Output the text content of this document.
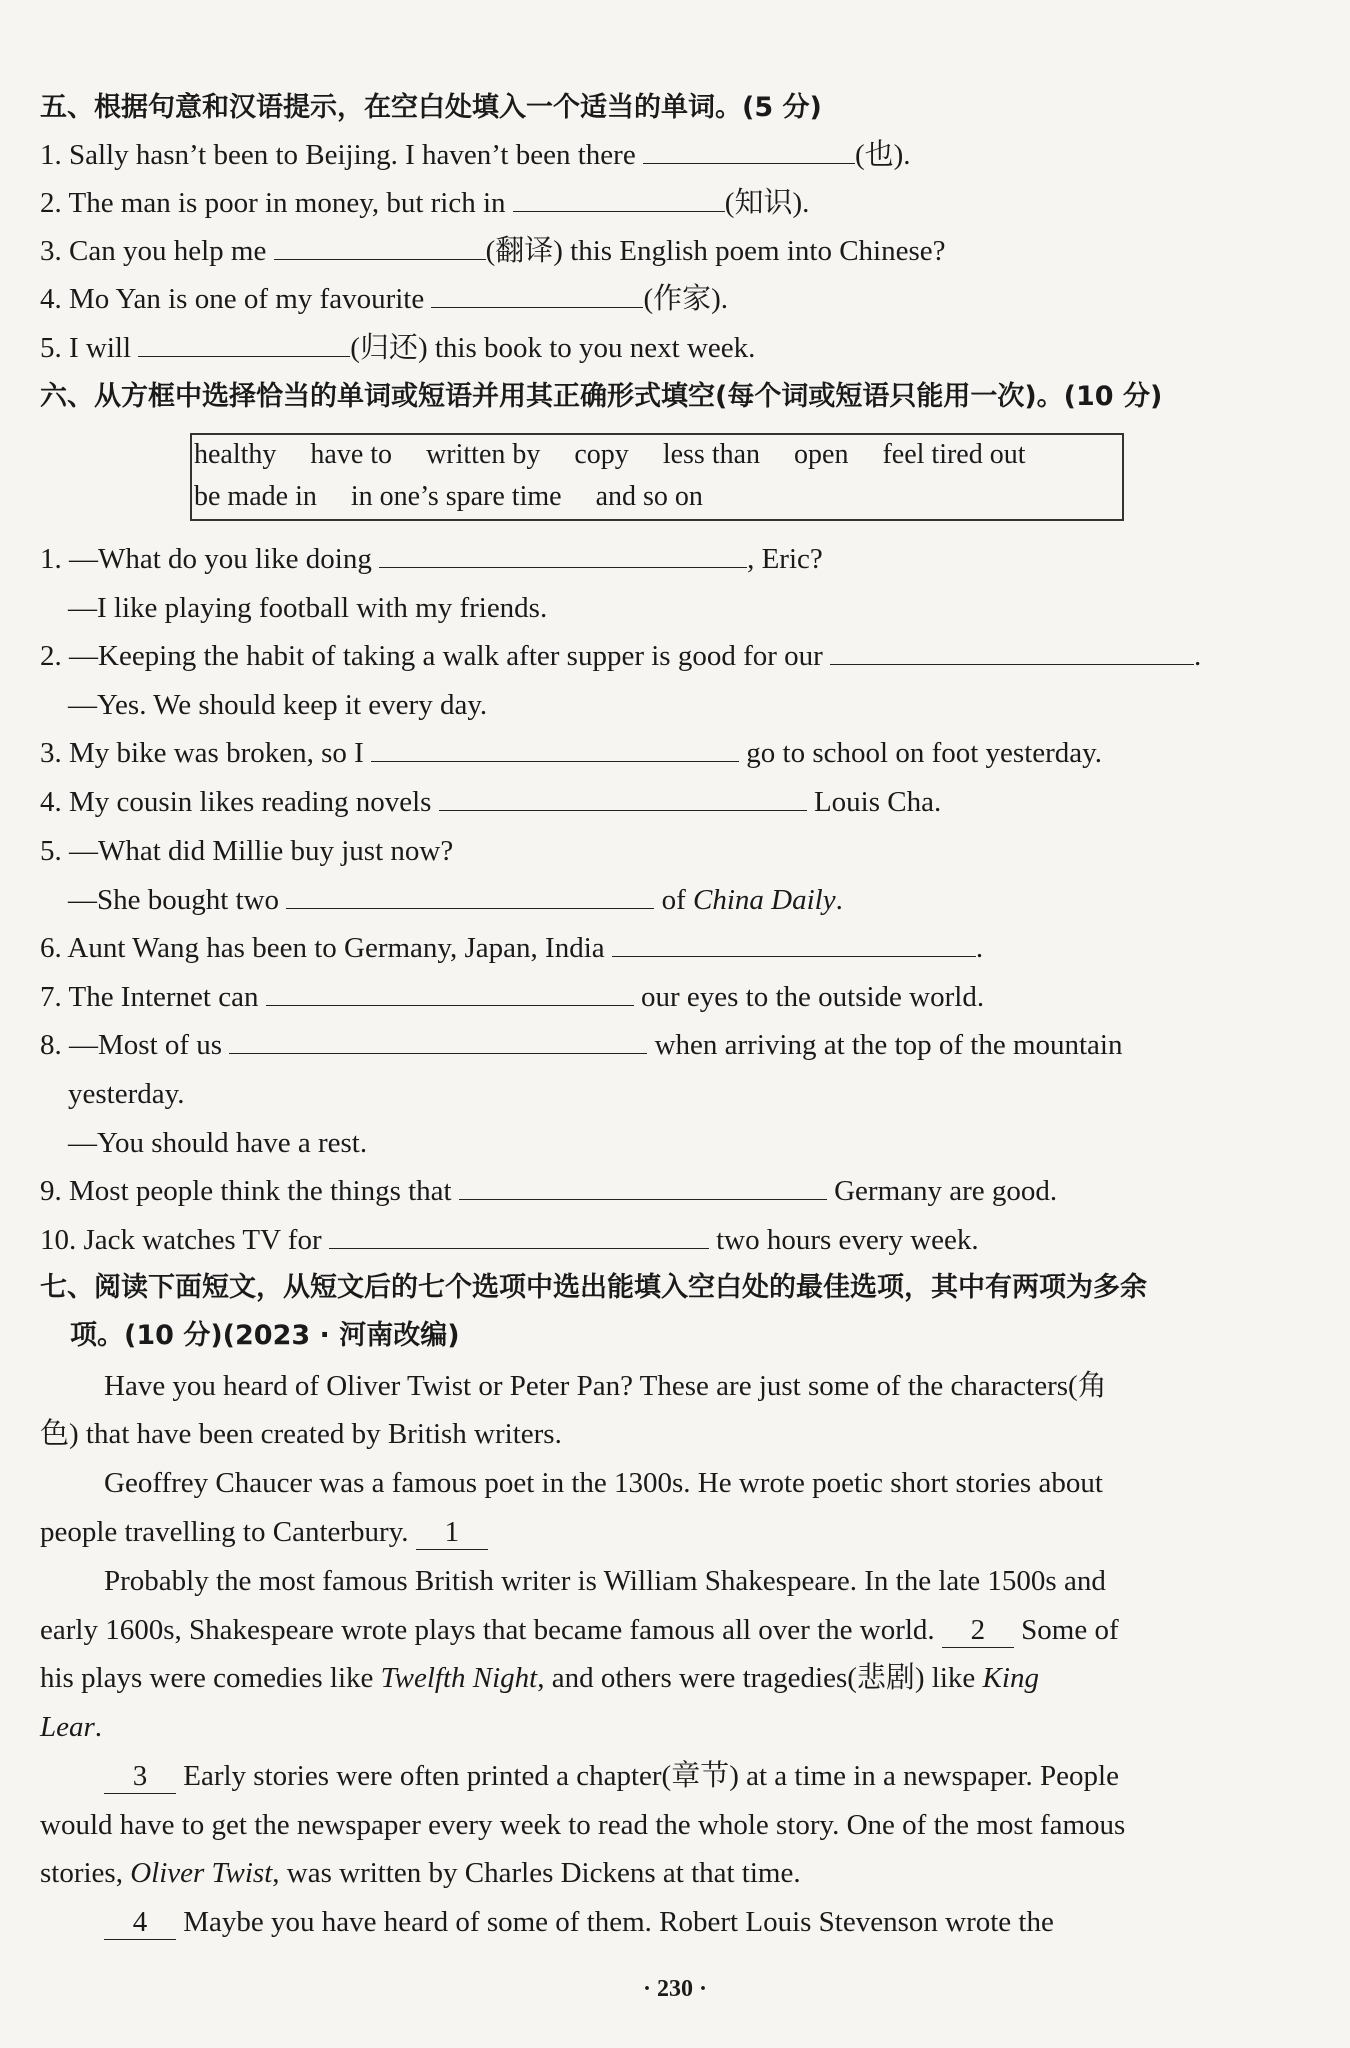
五、根据句意和汉语提示，在空白处填入一个适当的单词。(5 分)
1. Sally hasn’t been to Beijing. I haven’t been there	(也).
2. The man is poor in money, but rich in	(知识).
3. Can you help me	(翻译) this English poem into Chinese?
4. Mo Yan is one of my favourite	(作家).
5. I will	(归还) this book to you next week.
六、从方框中选择恰当的单词或短语并用其正确形式填空(每个词或短语只能用一次)。(10 分)
healthy have to written by copy less than open feel tired out
be made in in one’s spare time and so on
1. —What do you like doing	, Eric?
—I like playing football with my friends.
2. —Keeping the habit of taking a walk after supper is good for our	.
—Yes. We should keep it every day.
3. My bike was broken, so I	go to school on foot yesterday.
4. My cousin likes reading novels	Louis Cha.
5. —What did Millie buy just now?
—She bought two	of China Daily.
6. Aunt Wang has been to Germany, Japan, India	.
7. The Internet can	our eyes to the outside world.
8. —Most of us	when arriving at the top of the mountain
yesterday.
—You should have a rest.
9. Most people think the things that	Germany are good.
10. Jack watches TV for	two hours every week.
七、阅读下面短文，从短文后的七个选项中选出能填入空白处的最佳选项，其中有两项为多余
项。(10 分)(2023 · 河南改编)
Have you heard of Oliver Twist or Peter Pan? These are just some of the characters(角
色) that have been created by British writers.
Geoffrey Chaucer was a famous poet in the 1300s. He wrote poetic short stories about
people travelling to Canterbury. 1
Probably the most famous British writer is William Shakespeare. In the late 1500s and
early 1600s, Shakespeare wrote plays that became famous all over the world. 2 Some of
his plays were comedies like Twelfth Night, and others were tragedies(悲剧) like King
Lear.
3 Early stories were often printed a chapter(章节) at a time in a newspaper. People
would have to get the newspaper every week to read the whole story. One of the most famous
stories, Oliver Twist, was written by Charles Dickens at that time.
4 Maybe you have heard of some of them. Robert Louis Stevenson wrote the
· 230 ·
